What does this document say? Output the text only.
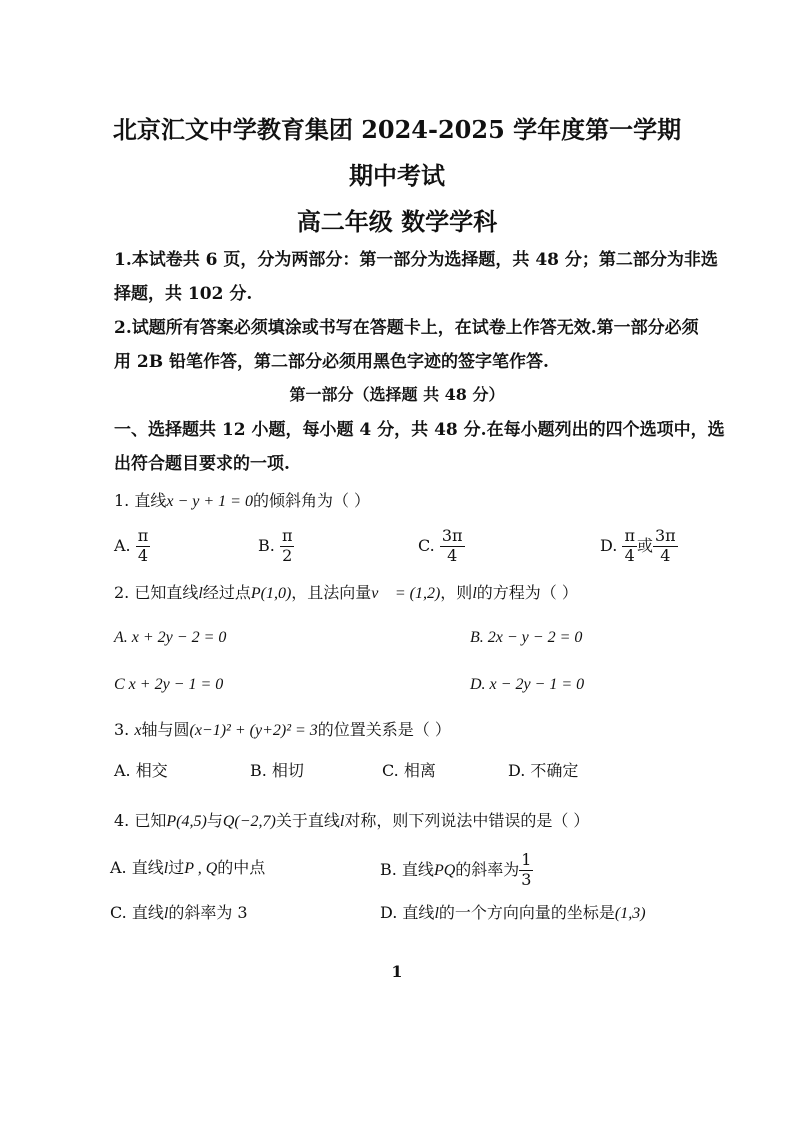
北京汇文中学教育集团 2024-2025 学年度第一学期
期中考试
高二年级 数学学科
1.本试卷共 6 页，分为两部分：第一部分为选择题，共 48 分；第二部分为非选
择题，共 102 分.
2.试题所有答案必须填涂或书写在答题卡上，在试卷上作答无效.第一部分必须
用 2B 铅笔作答，第二部分必须用黑色字迹的签字笔作答.
第一部分（选择题 共 48 分）
一、选择题共 12 小题，每小题 4 分，共 48 分.在每小题列出的四个选项中，选
出符合题目要求的一项.
1. 直线x − y + 1 = 0的倾斜角为（ ）
A. $\frac{\pi}{4}$	B. $\frac{\pi}{2}$	C. $\frac{3\pi}{4}$	D. $\frac{\pi}{4}$ 或 $\frac{3\pi}{4}$
2. 已知直线l经过点P(1,0)，且法向量v⃗ = (1,2)，则l的方程为（ ）
A. x + 2y − 2 = 0	B. 2x − y − 2 = 0
C x + 2y − 1 = 0	D. x − 2y − 1 = 0
3. x轴与圆(x−1)² + (y+2)² = 3的位置关系是（ ）
A. 相交	B. 相切	C. 相离	D. 不确定
4. 已知P(4,5)与Q(−2,7)关于直线l对称，则下列说法中错误的是（ ）
A. 直线l过P , Q的中点	B. 直线PQ的斜率为 $\frac{1}{3}$
C. 直线l的斜率为 3	D. 直线l的一个方向向量的坐标是(1,3)
1
